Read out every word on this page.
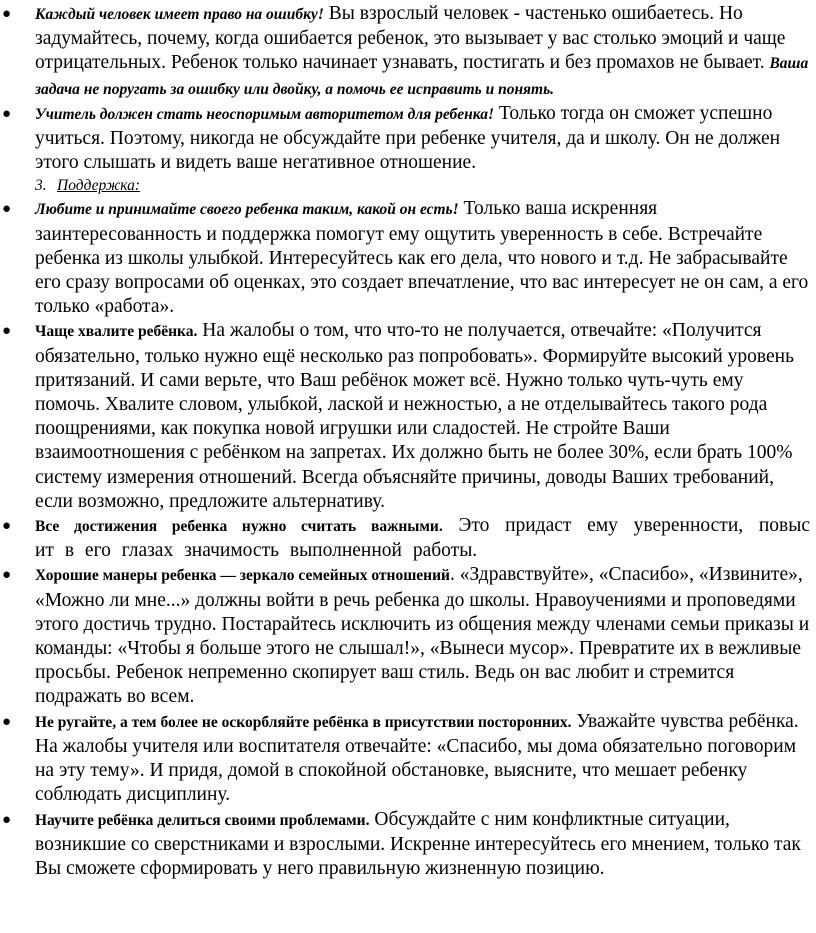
● Каждый человек имеет право на ошибку! Вы взрослый человек - частенько ошибаетесь. Но задумайтесь, почему, когда ошибается ребенок, это вызывает у вас столько эмоций и чаще отрицательных. Ребенок только начинает узнавать, постигать и без промахов не бывает. Ваша задача не поругать за ошибку или двойку, а помочь ее исправить и понять.
● Учитель должен стать неоспоримым авторитетом для ребенка! Только тогда он сможет успешно учиться. Поэтому, никогда не обсуждайте при ребенке учителя, да и школу. Он не должен этого слышать и видеть ваше негативное отношение.
3. Поддержка:
● Любите и принимайте своего ребенка таким, какой он есть! Только ваша искренняя заинтересованность и поддержка помогут ему ощутить уверенность в себе. Встречайте ребенка из школы улыбкой. Интересуйтесь как его дела, что нового и т.д. Не забрасывайте его сразу вопросами об оценках, это создает впечатление, что вас интересует не он сам, а его только «работа».
● Чаще хвалите ребёнка. На жалобы о том, что что-то не получается, отвечайте: «Получится обязательно, только нужно ещё несколько раз попробовать». Формируйте высокий уровень притязаний. И сами верьте, что Ваш ребёнок может всё. Нужно только чуть-чуть ему помочь. Хвалите словом, улыбкой, лаской и нежностью, а не отделывайтесь такого рода поощрениями, как покупка новой игрушки или сладостей. Не стройте Ваши взаимоотношения с ребёнком на запретах. Их должно быть не более 30%, если брать 100% систему измерения отношений. Всегда объясняйте причины, доводы Ваших требований, если возможно, предложите альтернативу.
● Все достижения ребенка нужно считать важными. Это придаст ему уверенности, повыс
ит в его глазах значимость выполненной работы.
● Хорошие манеры ребенка — зеркало семейных отношений. «Здравствуйте», «Спасибо», «Извините», «Можно ли мне...» должны войти в речь ребенка до школы. Нравоучениями и проповедями этого достичь трудно. Постарайтесь исключить из общения между членами семьи приказы и команды: «Чтобы я больше этого не слышал!», «Вынеси мусор». Превратите их в вежливые просьбы. Ребенок непременно скопирует ваш стиль. Ведь он вас любит и стремится подражать во всем.
● Не ругайте, а тем более не оскорбляйте ребёнка в присутствии посторонних. Уважайте чувства ребёнка. На жалобы учителя или воспитателя отвечайте: «Спасибо, мы дома обязательно поговорим на эту тему». И придя, домой в спокойной обстановке, выясните, что мешает ребенку соблюдать дисциплину.
● Научите ребёнка делиться своими проблемами. Обсуждайте с ним конфликтные ситуации, возникшие со сверстниками и взрослыми. Искренне интересуйтесь его мнением, только так Вы сможете сформировать у него правильную жизненную позицию.
